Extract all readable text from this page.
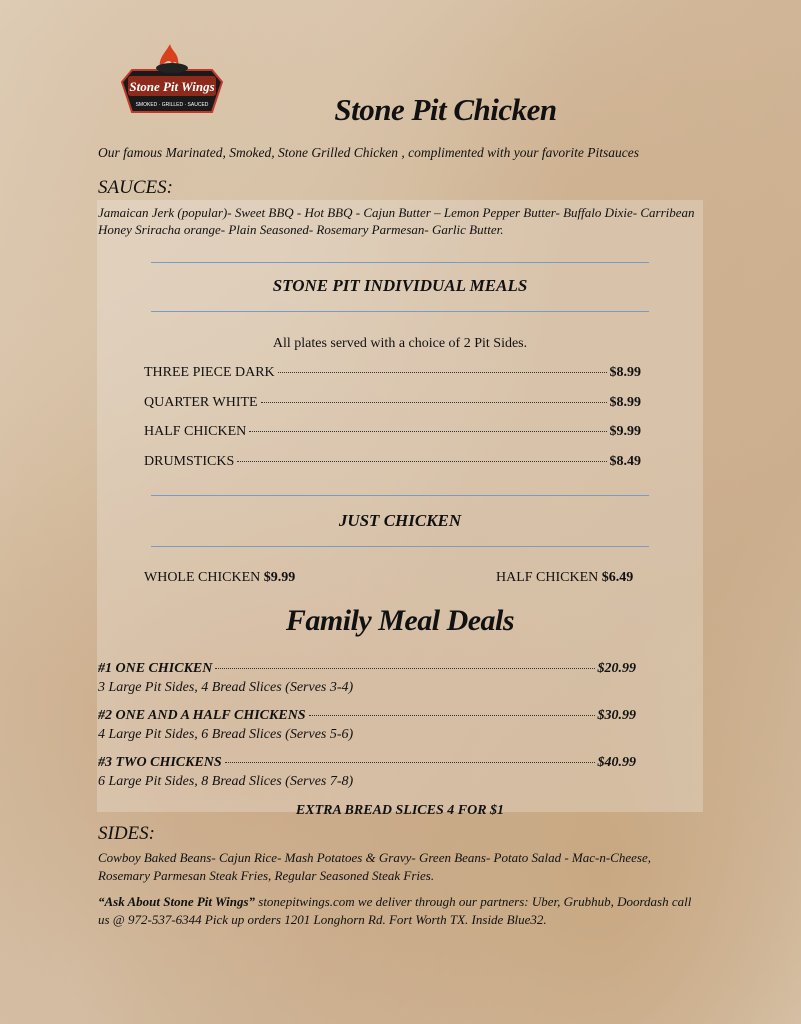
Stone Pit Wings
SMOKED · GRILLED · SAUCED	Stone Pit Chicken
Our famous Marinated, Smoked, Stone Grilled Chicken , complimented with your favorite Pitsauces
SAUCES:
Jamaican Jerk (popular)- Sweet BBQ - Hot BBQ - Cajun Butter – Lemon Pepper Butter- Buffalo Dixie- Carribean Honey Sriracha orange- Plain Seasoned- Rosemary Parmesan- Garlic Butter.
STONE PIT INDIVIDUAL MEALS
All plates served with a choice of 2 Pit Sides.
THREE PIECE DARK	$8.99
QUARTER WHITE	$8.99
HALF CHICKEN	$9.99
DRUMSTICKS	$8.49
JUST CHICKEN
WHOLE CHICKEN $9.99	HALF CHICKEN $6.49
Family Meal Deals
#1 ONE CHICKEN	$20.99
3 Large Pit Sides, 4 Bread Slices (Serves 3-4)
#2 ONE AND A HALF CHICKENS	$30.99
4 Large Pit Sides, 6 Bread Slices (Serves 5-6)
#3 TWO CHICKENS	$40.99
6 Large Pit Sides, 8 Bread Slices (Serves 7-8)
EXTRA BREAD SLICES 4 FOR $1
SIDES:
Cowboy Baked Beans- Cajun Rice- Mash Potatoes & Gravy- Green Beans- Potato Salad - Mac-n-Cheese, Rosemary Parmesan Steak Fries, Regular Seasoned Steak Fries.
“Ask About Stone Pit Wings” stonepitwings.com we deliver through our partners: Uber, Grubhub, Doordash call us @ 972-537-6344 Pick up orders 1201 Longhorn Rd. Fort Worth TX. Inside Blue32.
